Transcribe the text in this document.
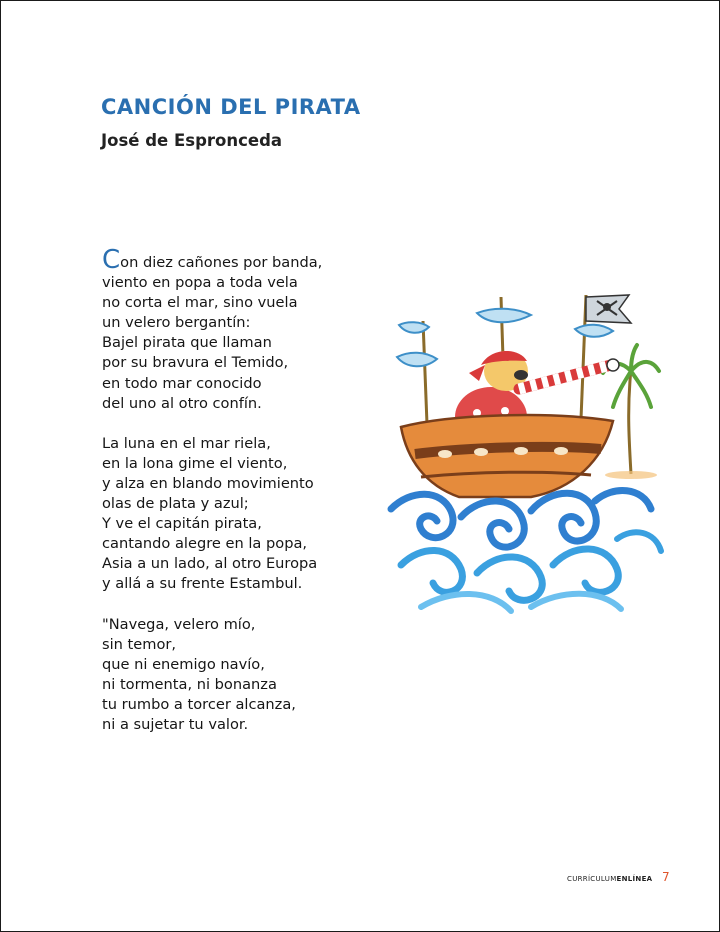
CANCIÓN DEL PIRATA
José de Espronceda
Con diez cañones por banda,
viento en popa a toda vela
no corta el mar, sino vuela
un velero bergantín:
Bajel pirata que llaman
por su bravura el Temido,
en todo mar conocido
del uno al otro confín.
La luna en el mar riela,
en la lona gime el viento,
y alza en blando movimiento
olas de plata y azul;
Y ve el capitán pirata,
cantando alegre en la popa,
Asia a un lado, al otro Europa
y allá a su frente Estambul.
"Navega, velero mío,
sin temor,
que ni enemigo navío,
ni tormenta, ni bonanza
tu rumbo a torcer alcanza,
ni a sujetar tu valor.
CURRÍCULUMENLÍNEA 7
